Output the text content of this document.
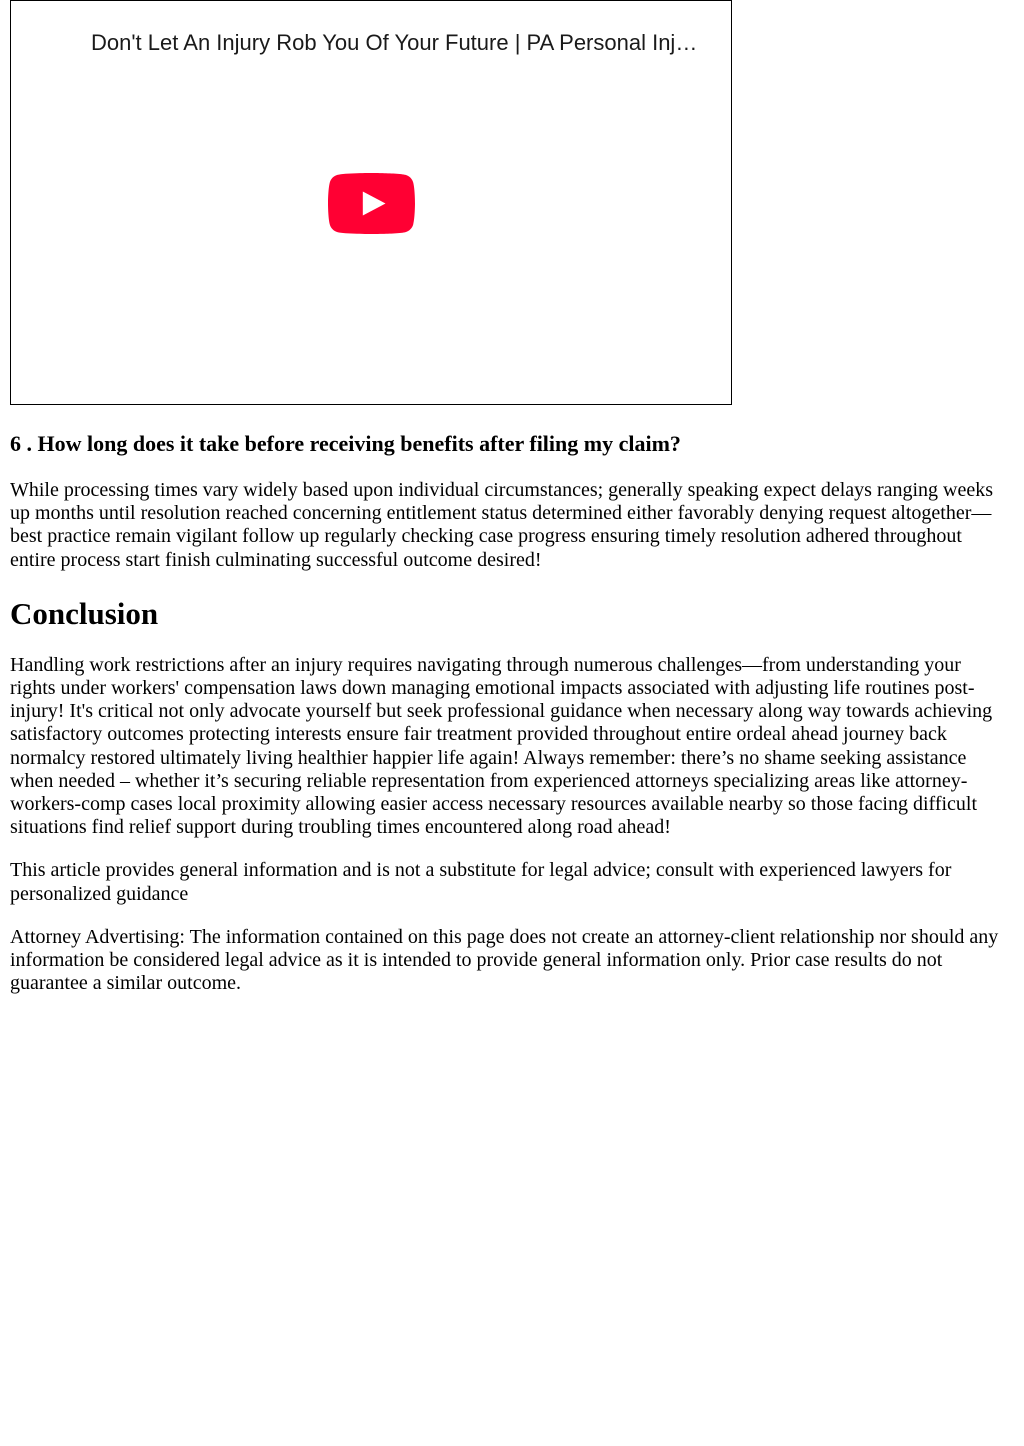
Don't Let An Injury Rob You Of Your Future | PA Personal Inj…
6 . How long does it take before receiving benefits after filing my claim?

While processing times vary widely based upon individual circumstances; generally speaking expect delays ranging weeks up months until resolution reached concerning entitlement status determined either favorably denying request altogether—best practice remain vigilant follow up regularly checking case progress ensuring timely resolution adhered throughout entire process start finish culminating successful outcome desired!

Conclusion

Handling work restrictions after an injury requires navigating through numerous challenges—from understanding your rights under workers' compensation laws down managing emotional impacts associated with adjusting life routines post-injury! It's critical not only advocate yourself but seek professional guidance when necessary along way towards achieving satisfactory outcomes protecting interests ensure fair treatment provided throughout entire ordeal ahead journey back normalcy restored ultimately living healthier happier life again! Always remember: there’s no shame seeking assistance when needed – whether it’s securing reliable representation from experienced attorneys specializing areas like attorney-workers-comp cases local proximity allowing easier access necessary resources available nearby so those facing difficult situations find relief support during troubling times encountered along road ahead!

This article provides general information and is not a substitute for legal advice; consult with experienced lawyers for personalized guidance

Attorney Advertising: The information contained on this page does not create an attorney-client relationship nor should any information be considered legal advice as it is intended to provide general information only. Prior case results do not guarantee a similar outcome.
